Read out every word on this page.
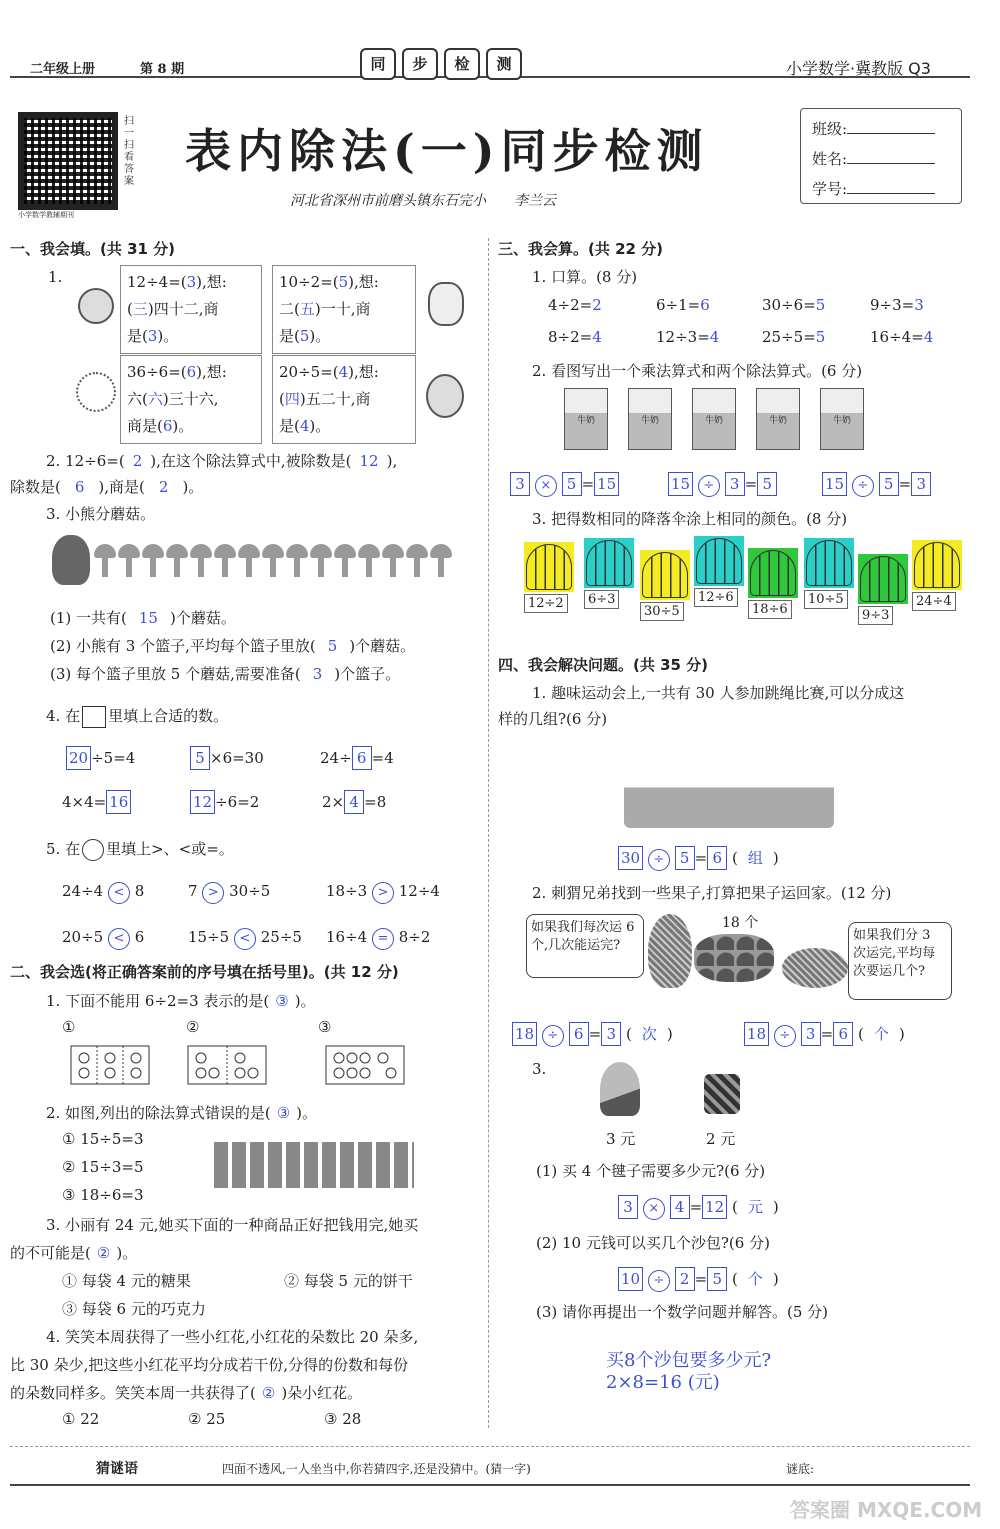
二年级上册	第 8 期	同	步	检	测	小学数学·冀教版 Q3
扫一扫 看答案
小学数学教辅期刊
表内除法(一)同步检测
河北省深州市前磨头镇东石完小　　李兰云
班级:
姓名:
学号:
一、我会填。(共 31 分)
1.	12÷4=(3),想:
(三)四十二,商
是(3)。
10÷2=(5),想:
二(五)一十,商
是(5)。
36÷6=(6),想:
六(六)三十六,
商是(6)。
20÷5=(4),想:
(四)五二十,商
是(4)。
2. 12÷6=( 2 ),在这个除法算式中,被除数是( 12 ),
除数是( 6 ),商是( 2 )。
3. 小熊分蘑菇。
(1) 一共有( 15 )个蘑菇。
(2) 小熊有 3 个篮子,平均每个篮子里放( 5 )个蘑菇。
(3) 每个篮子里放 5 个蘑菇,需要准备( 3 )个篮子。
4. 在 里填上合适的数。
20 ÷5=4	5 ×6=30	24÷ 6 =4
4×4= 16	12 ÷6=2	2× 4 =8
5. 在 里填上>、<或=。
24÷4 < 8	7 > 30÷5	18÷3 > 12÷4
20÷5 < 6	15÷5 < 25÷5 16÷4 = 8÷2
二、我会选(将正确答案前的序号填在括号里)。(共 12 分)
1. 下面不能用 6÷2=3 表示的是( ③ )。
①	②	③
2. 如图,列出的除法算式错误的是( ③ )。
① 15÷5=3
② 15÷3=5
③ 18÷6=3
3. 小丽有 24 元,她买下面的一种商品正好把钱用完,她买
的不可能是( ② )。
① 每袋 4 元的糖果	② 每袋 5 元的饼干
③ 每袋 6 元的巧克力
4. 笑笑本周获得了一些小红花,小红花的朵数比 20 朵多,
比 30 朵少,把这些小红花平均分成若干份,分得的份数和每份
的朵数同样多。笑笑本周一共获得了( ② )朵小红花。
① 22	② 25	③ 28
三、我会算。(共 22 分)
1. 口算。(8 分)
4÷2=2	6÷1=6	30÷6=5	9÷3=3
8÷2=4	12÷3=4	25÷5=5	16÷4=4
2. 看图写出一个乘法算式和两个除法算式。(6 分)
牛奶	牛奶	牛奶	牛奶	牛奶
3 × 5 = 15	15 ÷ 3 = 5	15 ÷ 5 = 3
3. 把得数相同的降落伞涂上相同的颜色。(8 分)
12÷2	6÷3
30÷5
12÷6
18÷6
10÷5
9÷3
24÷4
四、我会解决问题。(共 35 分)
1. 趣味运动会上,一共有 30 人参加跳绳比赛,可以分成这
样的几组?(6 分)
30 ÷ 5 = 6 ( 组 )
2. 刺猬兄弟找到一些果子,打算把果子运回家。(12 分)
如果我们每次运 6 个,几次能运完?
18 个
如果我们分 3 次运完,平均每次要运几个?
18 ÷ 6 = 3 ( 次 )	18 ÷ 3 = 6 ( 个 )
3.
3 元	2 元
(1) 买 4 个毽子需要多少元?(6 分)
3 × 4 = 12 ( 元 )
(2) 10 元钱可以买几个沙包?(6 分)
10 ÷ 2 = 5 ( 个 )
(3) 请你再提出一个数学问题并解答。(5 分)
买8个沙包要多少元?
2×8=16 (元)
猜谜语	四面不透风,一人坐当中,你若猜四字,还是没猜中。(猜一字)	谜底:
答案圈 MXQE.COM
